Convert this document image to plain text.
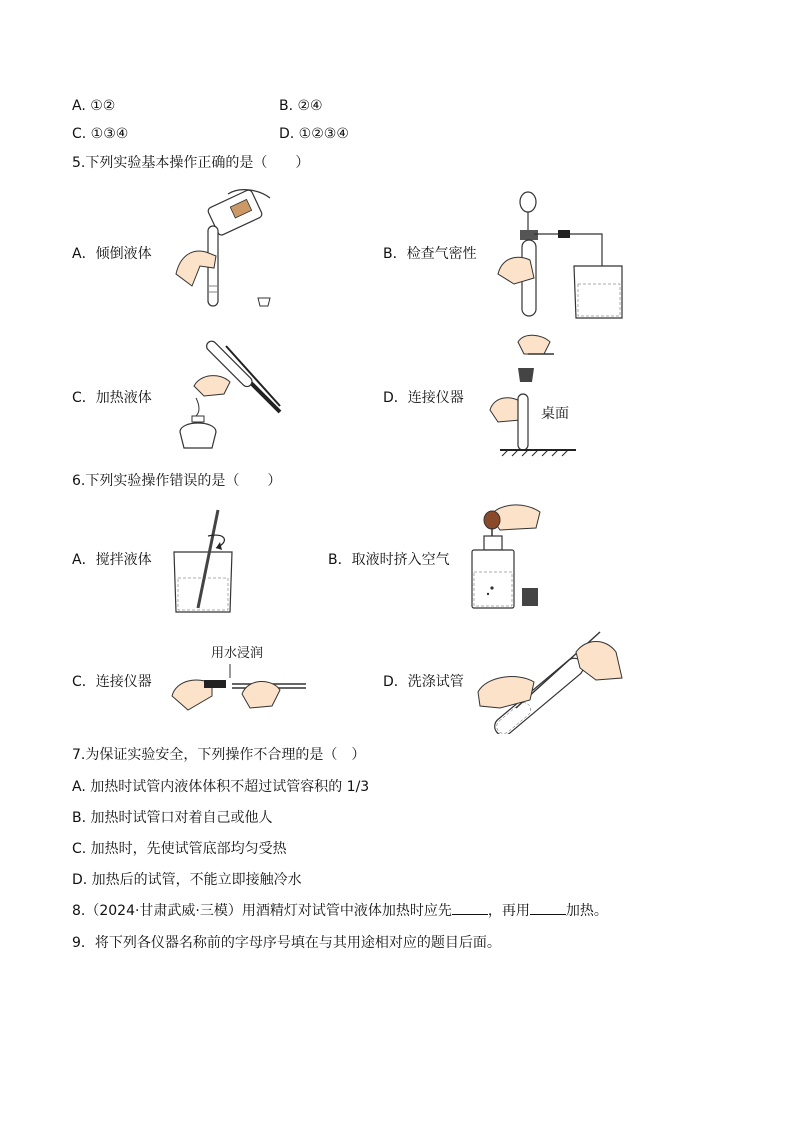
A. ①②	B. ②④
C. ①③④	D. ①②③④
5.下列实验基本操作正确的是（　　）
A．倾倒液体	B．检查气密性
C．加热液体	D．连接仪器
桌面
6.下列实验操作错误的是（　　）
A．搅拌液体	B．取液时挤入空气
C．连接仪器
用水浸润
D．洗涤试管
7.为保证实验安全，下列操作不合理的是（　）
A. 加热时试管内液体体积不超过试管容积的 1/3
B. 加热时试管口对着自己或他人
C. 加热时，先使试管底部均匀受热
D. 加热后的试管，不能立即接触冷水
8.（2024·甘肃武威·三模）用酒精灯对试管中液体加热时应先	，再用	加热。
9．将下列各仪器名称前的字母序号填在与其用途相对应的题目后面。
